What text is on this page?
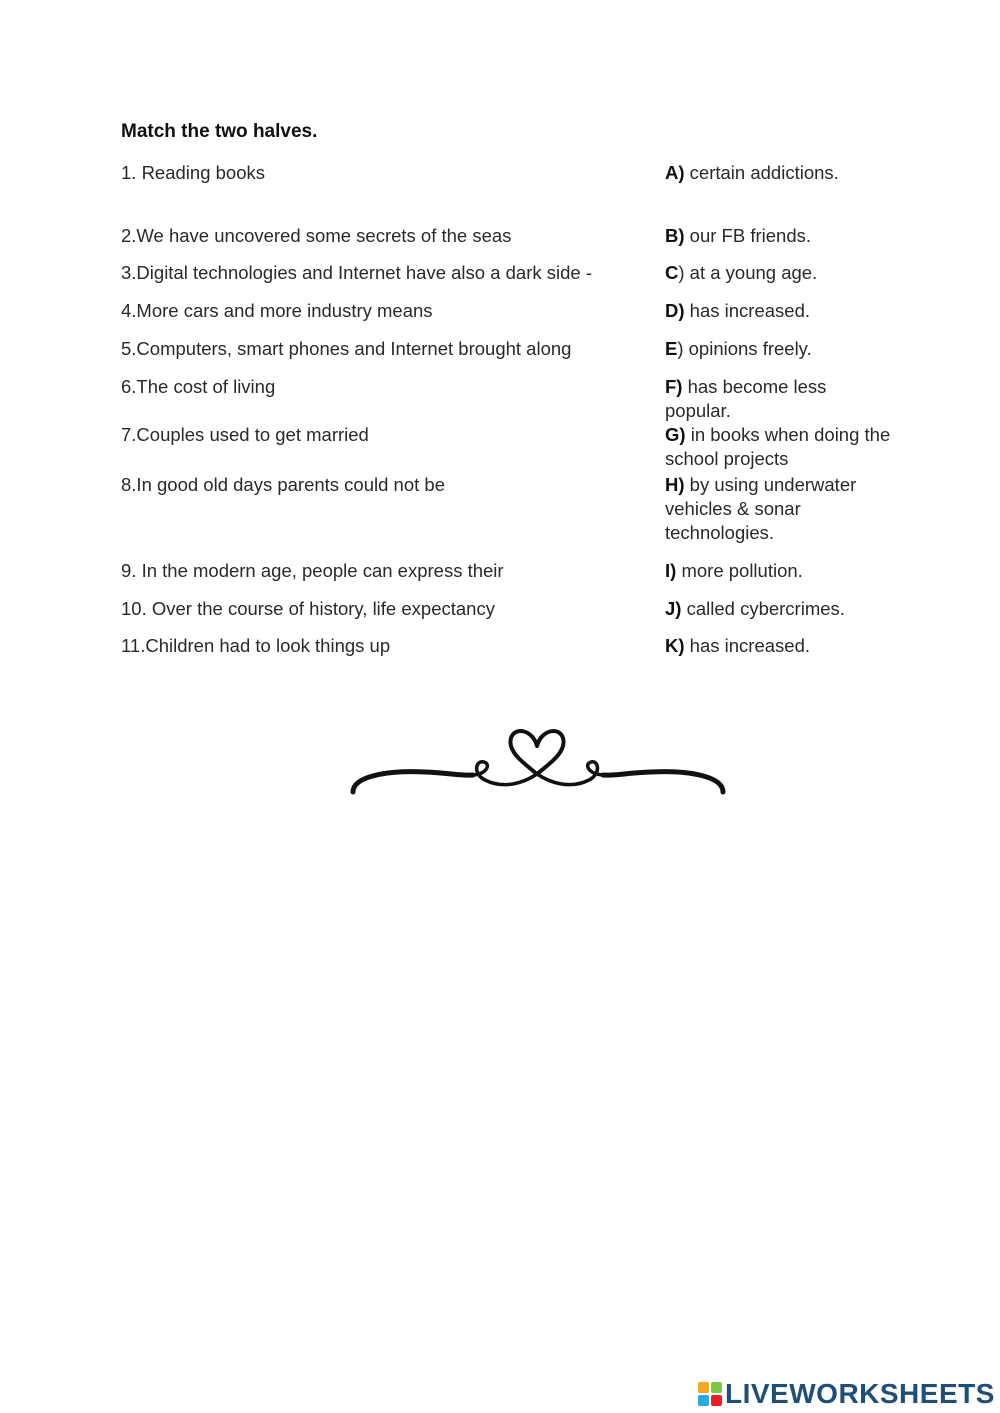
Match the two halves.
1. Reading books	A) certain addictions.
2.We have uncovered some secrets of the seas	B) our FB friends.
3.Digital technologies and Internet have also a dark side -	C) at a young age.
4.More cars and more industry means	D) has increased.
5.Computers, smart phones and Internet brought along	E) opinions freely.
6.The cost of living	F) has become less popular.
7.Couples used to get married	G) in books when doing the school projects
8.In good old days parents could not be	H) by using underwater vehicles & sonar technologies.
9. In the modern age, people can express their	I) more pollution.
10. Over the course of history, life expectancy	J) called cybercrimes.
11.Children had to look things up	K) has increased.
LIVEWORKSHEETS
